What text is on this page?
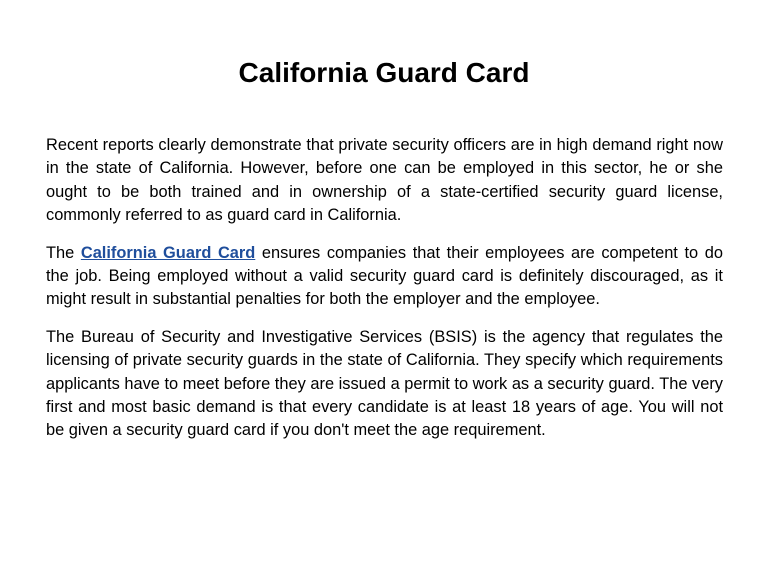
California Guard Card

Recent reports clearly demonstrate that private security officers are in high demand right now in the state of California. However, before one can be employed in this sector, he or she ought to be both trained and in ownership of a state-certified security guard license, commonly referred to as guard card in California.

The California Guard Card ensures companies that their employees are competent to do the job. Being employed without a valid security guard card is definitely discouraged, as it might result in substantial penalties for both the employer and the employee.

The Bureau of Security and Investigative Services (BSIS) is the agency that regulates the licensing of private security guards in the state of California. They specify which requirements applicants have to meet before they are issued a permit to work as a security guard. The very first and most basic demand is that every candidate is at least 18 years of age. You will not be given a security guard card if you don't meet the age requirement.
